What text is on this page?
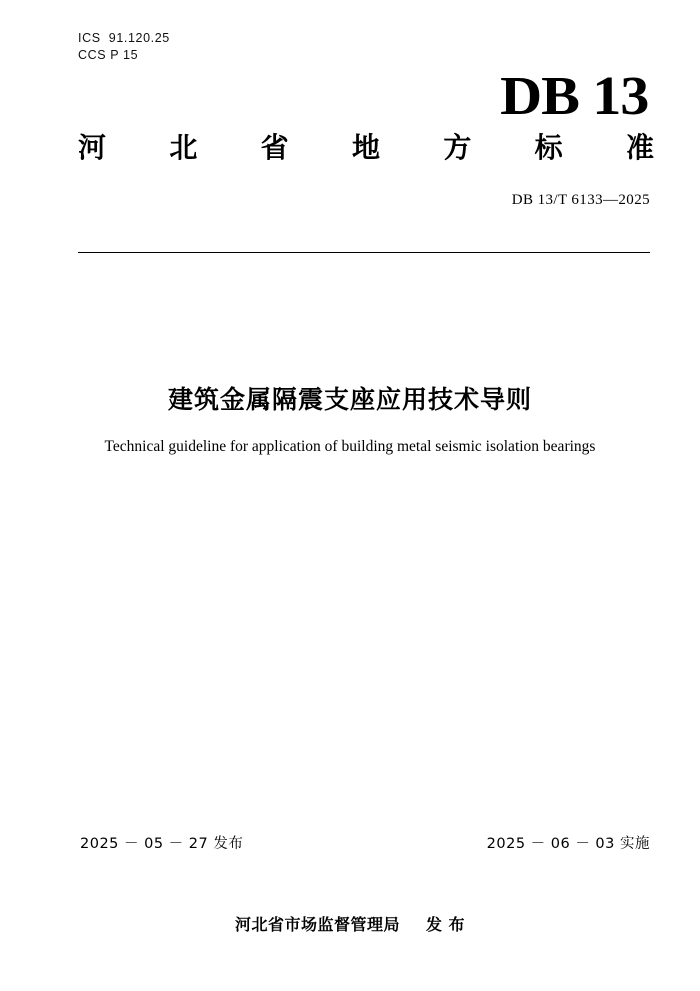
ICS  91.120.25
CCS P 15
DB 13
河 北 省 地 方 标 准
DB 13/T 6133—2025
建筑金属隔震支座应用技术导则
Technical guideline for application of building metal seismic isolation bearings
2025 － 05 － 27 发布	2025 － 06 － 03 实施
河北省市场监督管理局 发 布
